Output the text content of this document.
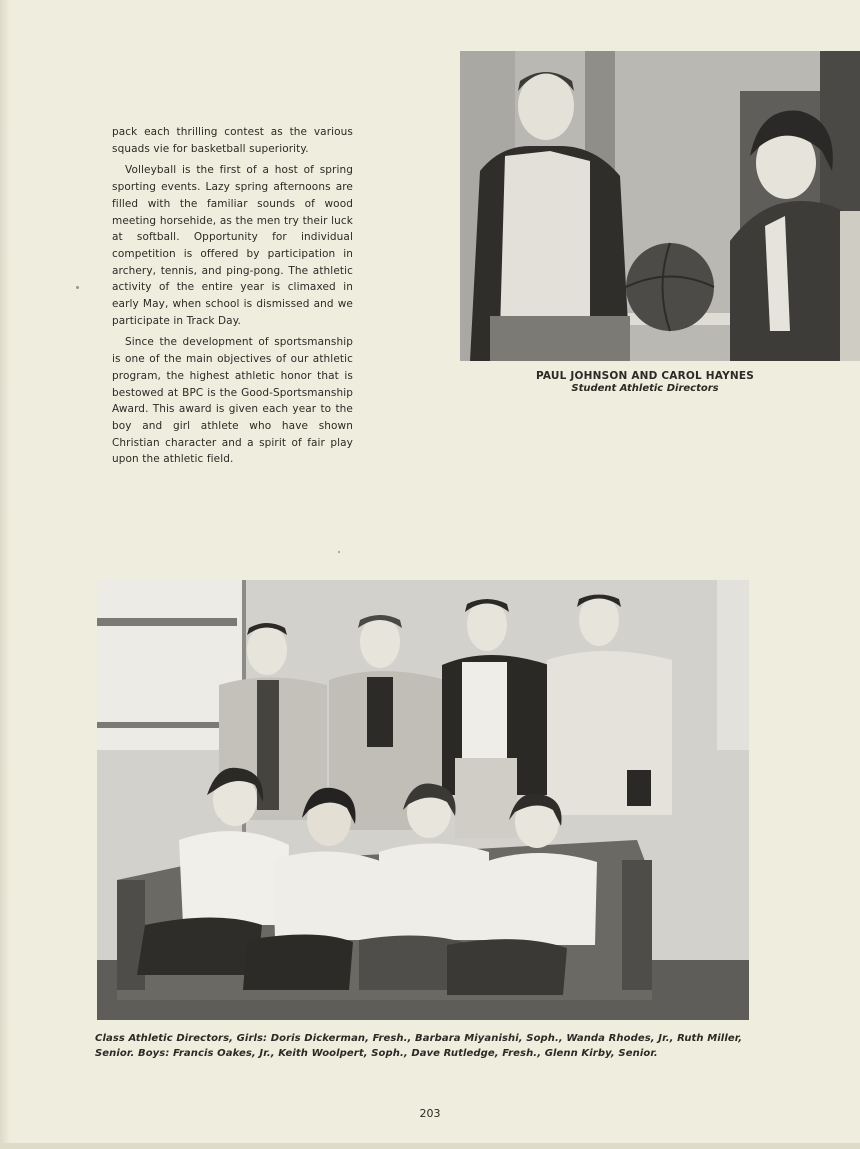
pack each thrilling contest as the various squads vie for basketball superiority.

Volleyball is the first of a host of spring sporting events. Lazy spring afternoons are filled with the familiar sounds of wood meeting horsehide, as the men try their luck at softball. Opportunity for individual competition is offered by participation in archery, tennis, and ping-pong. The athletic activity of the entire year is climaxed in early May, when school is dismissed and we participate in Track Day.

Since the development of sportsmanship is one of the main objectives of our athletic program, the highest athletic honor that is bestowed at BPC is the Good-Sportsmanship Award. This award is given each year to the boy and girl athlete who have shown Christian character and a spirit of fair play upon the athletic field.

PAUL JOHNSON AND CAROL HAYNES
Student Athletic Directors
Class Athletic Directors, Girls: Doris Dickerman, Fresh., Barbara Miyanishi, Soph., Wanda Rhodes, Jr., Ruth Miller, Senior. Boys: Francis Oakes, Jr., Keith Woolpert, Soph., Dave Rutledge, Fresh., Glenn Kirby, Senior.
203
